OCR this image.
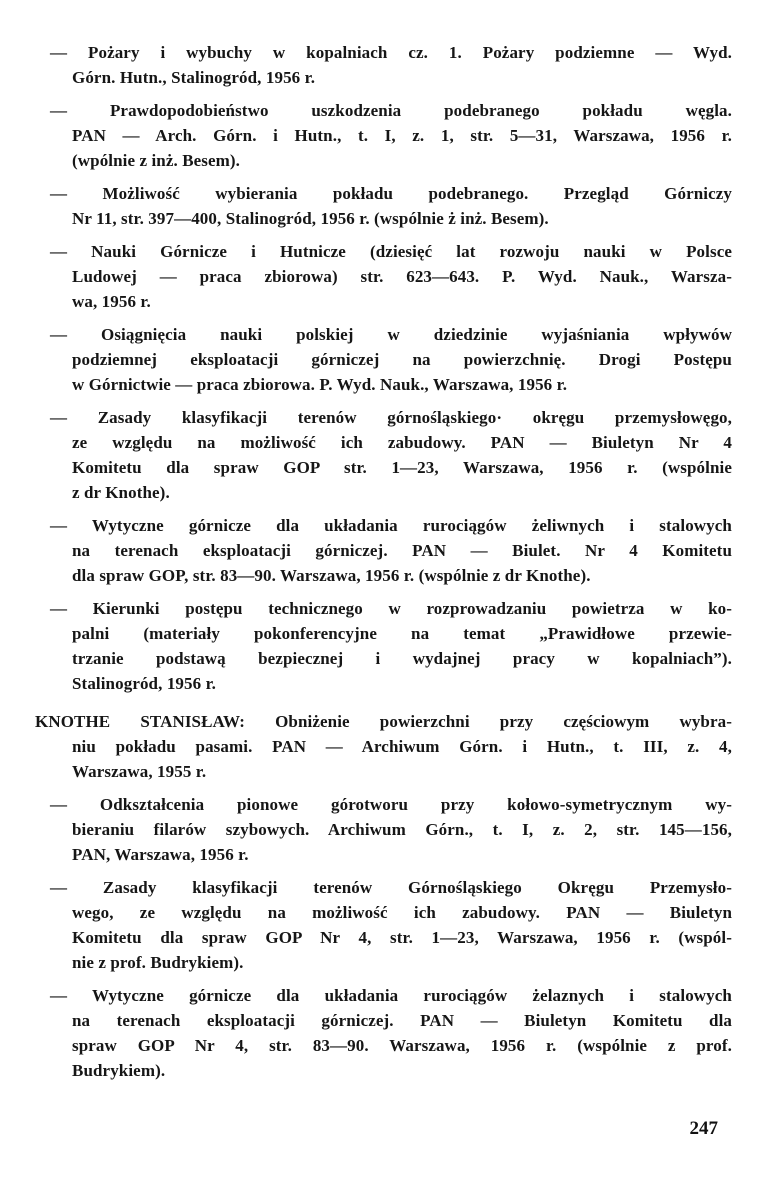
— Pożary i wybuchy w kopalniach cz. 1. Pożary podziemne — Wyd.
Górn. Hutn., Stalinogród, 1956 r.
— Prawdopodobieństwo uszkodzenia podebranego pokładu węgla.
PAN — Arch. Górn. i Hutn., t. I, z. 1, str. 5—31, Warszawa, 1956 r.
(wpólnie z inż. Besem).
— Możliwość wybierania pokładu podebranego. Przegląd Górniczy
Nr 11, str. 397—400, Stalinogród, 1956 r. (wspólnie ż inż. Besem).
— Nauki Górnicze i Hutnicze (dziesięć lat rozwoju nauki w Polsce
Ludowej — praca zbiorowa) str. 623—643. P. Wyd. Nauk., Warsza-
wa, 1956 r.
— Osiągnięcia nauki polskiej w dziedzinie wyjaśniania wpływów
podziemnej eksploatacji górniczej na powierzchnię. Drogi Postępu
w Górnictwie — praca zbiorowa. P. Wyd. Nauk., Warszawa, 1956 r.
— Zasady klasyfikacji terenów górnośląskiego· okręgu przemysłowęgo,
ze względu na możliwość ich zabudowy. PAN — Biuletyn Nr 4
Komitetu dla spraw GOP str. 1—23, Warszawa, 1956 r. (wspólnie
z dr Knothe).
— Wytyczne górnicze dla układania rurociągów żeliwnych i stalowych
na terenach eksploatacji górniczej. PAN — Biulet. Nr 4 Komitetu
dla spraw GOP, str. 83—90. Warszawa, 1956 r. (wspólnie z dr Knothe).
— Kierunki postępu technicznego w rozprowadzaniu powietrza w ko-
palni (materiały pokonferencyjne na temat „Prawidłowe przewie-
trzanie podstawą bezpiecznej i wydajnej pracy w kopalniach”).
Stalinogród, 1956 r.
KNOTHE STANISŁAW: Obniżenie powierzchni przy częściowym wybra-
niu pokładu pasami. PAN — Archiwum Górn. i Hutn., t. III, z. 4,
Warszawa, 1955 r.
— Odkształcenia pionowe górotworu przy kołowo-symetrycznym wy-
bieraniu filarów szybowych. Archiwum Górn., t. I, z. 2, str. 145—156,
PAN, Warszawa, 1956 r.
— Zasady klasyfikacji terenów Górnośląskiego Okręgu Przemysło-
wego, ze względu na możliwość ich zabudowy. PAN — Biuletyn
Komitetu dla spraw GOP Nr 4, str. 1—23, Warszawa, 1956 r. (wspól-
nie z prof. Budrykiem).
— Wytyczne górnicze dla układania rurociągów żelaznych i stalowych
na terenach eksploatacji górniczej. PAN — Biuletyn Komitetu dla
spraw GOP Nr 4, str. 83—90. Warszawa, 1956 r. (wspólnie z prof.
Budrykiem).
247
